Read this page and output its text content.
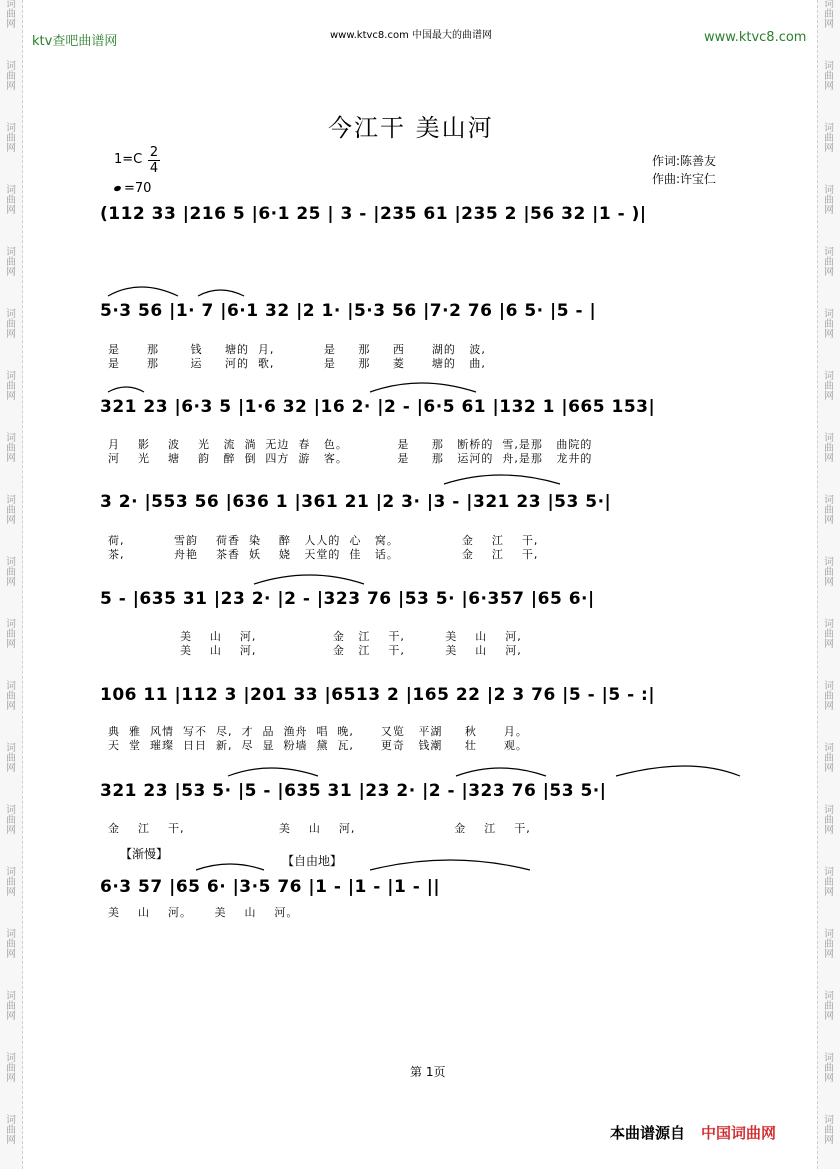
词曲网
词曲网
词曲网
词曲网
词曲网
词曲网
词曲网
词曲网
词曲网
词曲网
词曲网
词曲网
词曲网
词曲网
词曲网
词曲网
词曲网
词曲网
词曲网
词曲网
词曲网
词曲网
词曲网
词曲网
词曲网
词曲网
词曲网
词曲网
词曲网
词曲网
词曲网
词曲网
词曲网
词曲网
词曲网
词曲网
词曲网
词曲网
ktv查吧曲谱网	www.ktvc8.com 中国最大的曲谱网	www.ktvc8.com
今江干 美山河
$1=C \frac{2}{4}$
=70
作词:陈善友
作曲:许宝仁
(112 33 |216 5 |6·1 25 | 3 - |235 61 |235 2 |56 32 |1 - )|
5·3 56 |1· 7 |6·1 32 |2 1· |5·3 56 |7·2 76 |6 5· |5 - |
是      那       钱     塘的  月,           是     那     西      湖的   波,
是      那       运     河的  歌,           是     那     菱      塘的   曲,
321 23 |6·3 5 |1·6 32 |16 2· |2 - |6·5 61 |132 1 |665 153|
月    影    波    光   流  淌  无边  春   色。           是     那   断桥的  雪,是那   曲院的
河    光    塘    韵   醉  倒  四方  游   客。           是     那   运河的  舟,是那   龙井的
3 2· |553 56 |636 1 |361 21 |2 3· |3 - |321 23 |53 5·|
荷,           雪韵    荷香  染    醉   人人的  心   窝。              金    江    干,
茶,           舟艳    茶香  妖    娆   天堂的  佳   话。              金    江    干,
5 - |635 31 |23 2· |2 - |323 76 |53 5· |6·357 |65 6·|
美    山    河,                 金   江    干,         美    山    河,
美    山    河,                 金   江    干,         美    山    河,
106 11 |112 3 |201 33 |6513 2 |165 22 |2 3 76 |5 - |5 - :|
典  雅  风情  写不  尽,  才  品  渔舟  唱  晚,      又览   平湖     秋      月。
天  堂  璀璨  日日  新,  尽  显  粉墙  黛  瓦,      更奇   钱潮     壮      观。
321 23 |53 5· |5 - |635 31 |23 2· |2 - |323 76 |53 5·|
金    江    干,                     美    山    河,                      金    江    干,
【渐慢】	【自由地】
6·3 57 |65 6· |3·5 76 |1 - |1 - |1 - ||
美    山    河。     美    山    河。
第 1页
本曲谱源自 中国词曲网
